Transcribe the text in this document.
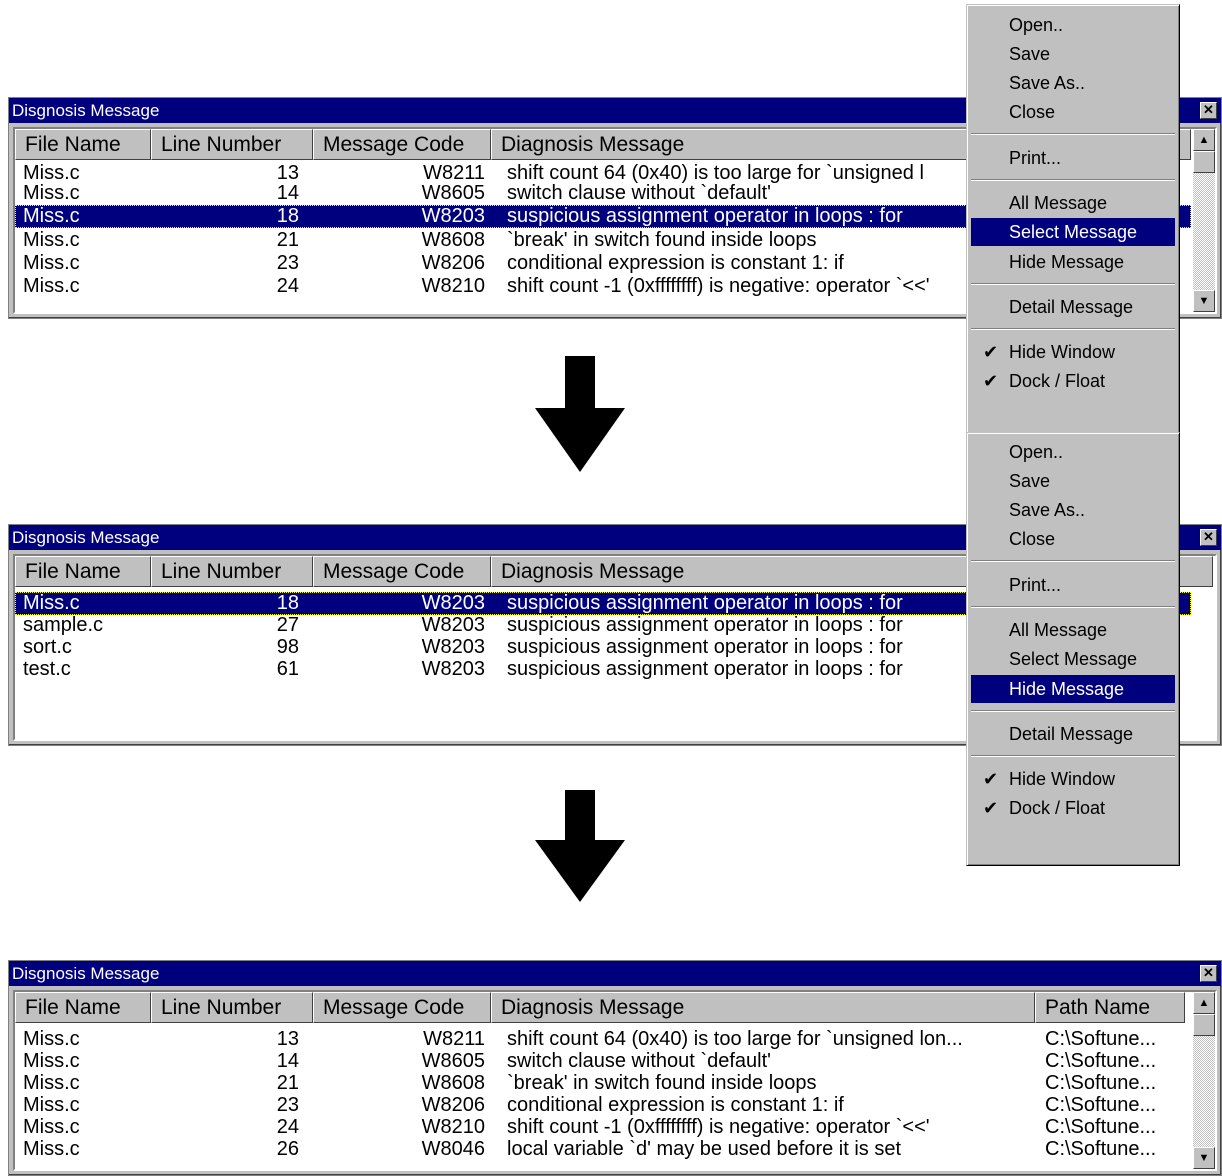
Disgnosis Message	✕
File Name	Line Number	Message Code	Diagnosis Message
Miss.c	13	W8211 shift count 64 (0x40) is too large for `unsigned l
Miss.c	14	W8605 switch clause without `default'
Miss.c	18	W8203 suspicious assignment operator in loops : for
Miss.c	21	W8608 `break' in switch found inside loops
Miss.c	23	W8206 conditional expression is constant 1: if
Miss.c	24	W8210 shift count -1 (0xffffffff) is negative: operator `<<'
▲
▼
Open..
Save
Save As..
Close
Print...
All Message
Select Message
Hide Message
Detail Message
✔ Hide Window
✔ Dock / Float
Disgnosis Message	✕
File Name	Line Number	Message Code	Diagnosis Message
Miss.c	18	W8203 suspicious assignment operator in loops : for
sample.c	27	W8203 suspicious assignment operator in loops : for
sort.c	98	W8203 suspicious assignment operator in loops : for
test.c	61	W8203 suspicious assignment operator in loops : for
Open..
Save
Save As..
Close
Print...
All Message
Select Message
Hide Message
Detail Message
✔ Hide Window
✔ Dock / Float
Disgnosis Message	✕
File Name	Line Number	Message Code	Diagnosis Message	Path Name
Miss.c	13	W8211 shift count 64 (0x40) is too large for `unsigned lon...	C:\Softune...
Miss.c	14	W8605 switch clause without `default'	C:\Softune...
Miss.c	21	W8608 `break' in switch found inside loops	C:\Softune...
Miss.c	23	W8206 conditional expression is constant 1: if	C:\Softune...
Miss.c	24	W8210 shift count -1 (0xffffffff) is negative: operator `<<'	C:\Softune...
Miss.c	26	W8046 local variable `d' may be used before it is set	C:\Softune...
▲
▼
